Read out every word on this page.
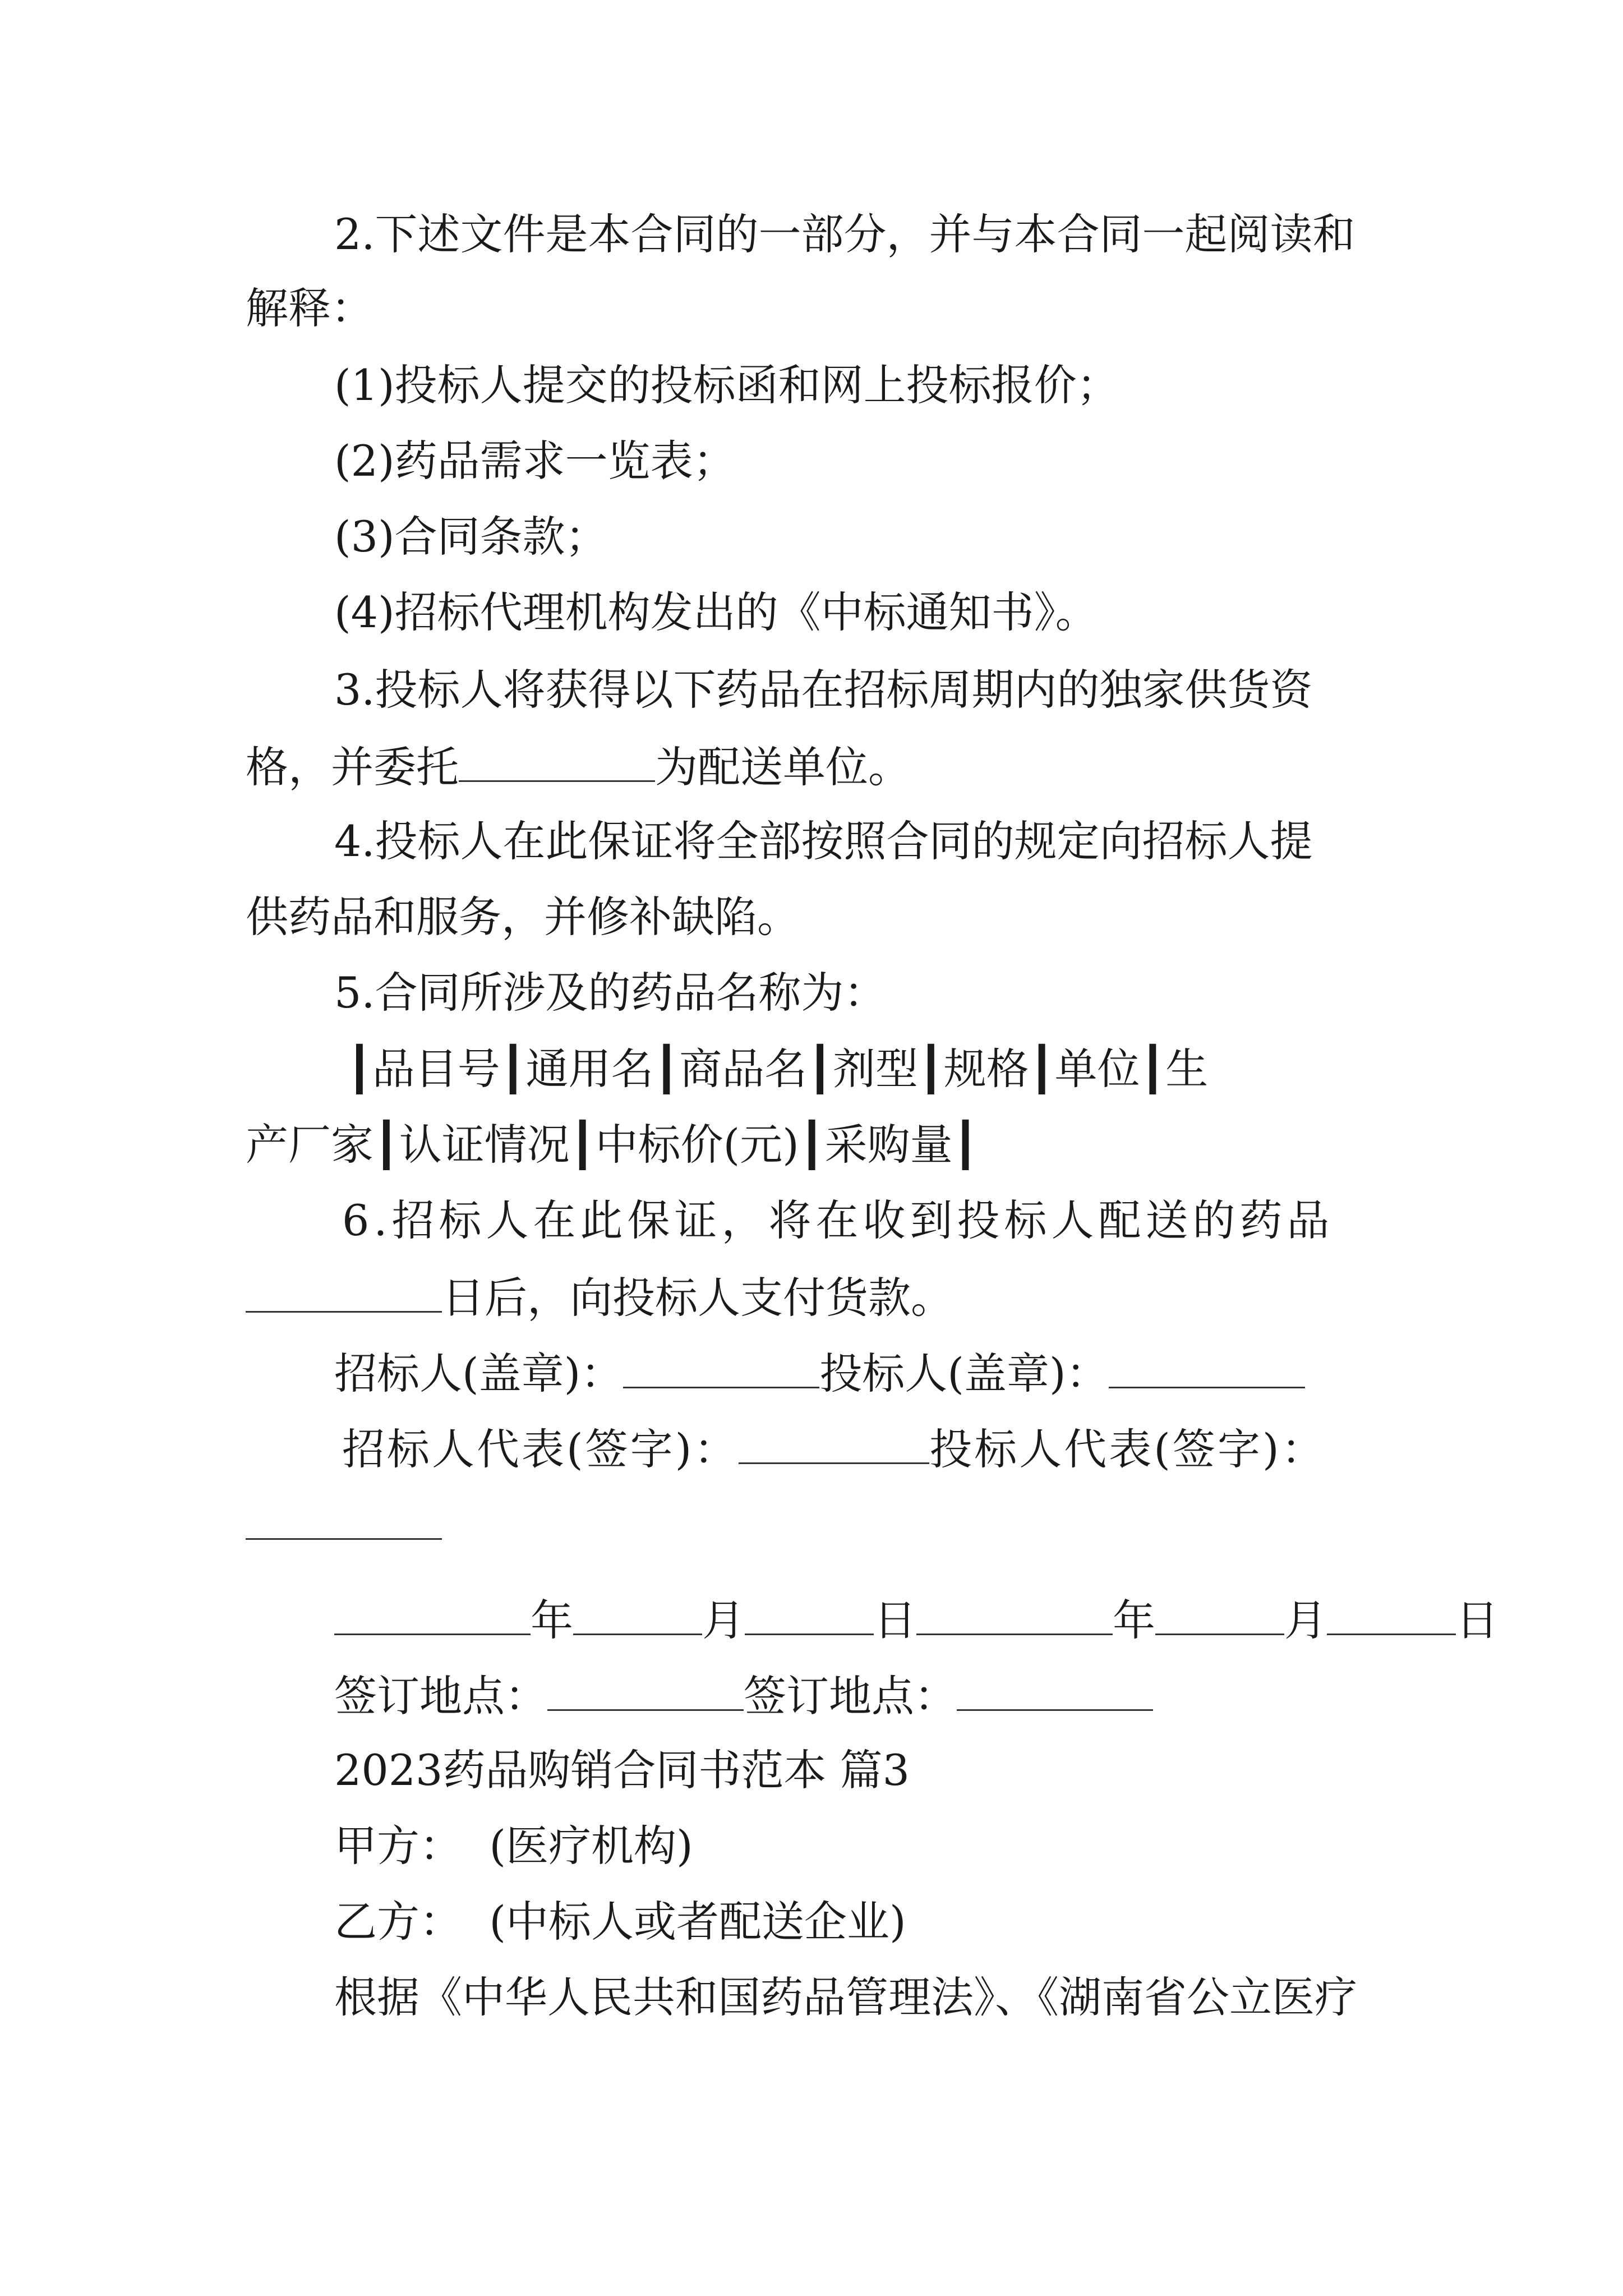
2.下述文件是本合同的一部分，并与本合同一起阅读和

解释：

(1)投标人提交的投标函和网上投标报价；

(2)药品需求一览表；

(3)合同条款；

(4)招标代理机构发出的《中标通知书》。

3.投标人将获得以下药品在招标周期内的独家供货资

格，并委托	为配送单位。

4.投标人在此保证将全部按照合同的规定向招标人提

供药品和服务，并修补缺陷。

5.合同所涉及的药品名称为：

┃品目号┃通用名┃商品名┃剂型┃规格┃单位┃生

产厂家┃认证情况┃中标价(元)┃采购量┃

6.招标人在此保证，将在收到投标人配送的药品

日后，向投标人支付货款。

招标人(盖章)：	投标人(盖章)：

招标人代表(签字)：	投标人代表(签字)：

年	月	日	年	月	日

签订地点：	签订地点：

2023药品购销合同书范本 篇3

甲方：  (医疗机构)

乙方：  (中标人或者配送企业)

根据《中华人民共和国药品管理法》、《湖南省公立医疗
